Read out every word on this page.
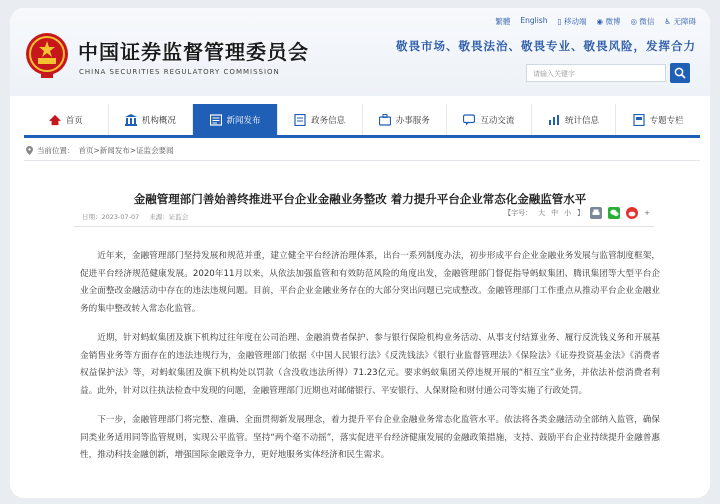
中国证券监督管理委员会
CHINA SECURITIES REGULATORY COMMISSION
繁體 English ▯ 移动端 ◉ 微博 ◎ 微信 ♿ 无障碍
敬畏市场、敬畏法治、敬畏专业、敬畏风险，发挥合力
请输入关键字
首页	机构概况	新闻发布	政务信息	办事服务	互动交流	统计信息	专题专栏
当前位置： 首页>新闻发布>证监会要闻
金融管理部门善始善终推进平台企业金融业务整改 着力提升平台企业常态化金融监管水平
日期：2023-07-07 来源：证监会	【字号： 大 中 小 】	+

近年来，金融管理部门坚持发展和规范并重，建立健全平台经济治理体系，出台一系列制度办法，初步形成平台企业金融业务发展与监管制度框架，促进平台经济规范健康发展。2020年11月以来，从依法加强监管和有效防范风险的角度出发，金融管理部门督促指导蚂蚁集团、腾讯集团等大型平台企业全面整改金融活动中存在的违法违规问题。目前，平台企业金融业务存在的大部分突出问题已完成整改。金融管理部门工作重点从推动平台企业金融业务的集中整改转入常态化监管。

近期，针对蚂蚁集团及旗下机构过往年度在公司治理、金融消费者保护、参与银行保险机构业务活动、从事支付结算业务、履行反洗钱义务和开展基金销售业务等方面存在的违法违规行为，金融管理部门依据《中国人民银行法》《反洗钱法》《银行业监督管理法》《保险法》《证券投资基金法》《消费者权益保护法》等，对蚂蚁集团及旗下机构处以罚款（含没收违法所得）71.23亿元。要求蚂蚁集团关停违规开展的“相互宝”业务，并依法补偿消费者利益。此外，针对以往执法检查中发现的问题，金融管理部门近期也对邮储银行、平安银行、人保财险和财付通公司等实施了行政处罚。

下一步，金融管理部门将完整、准确、全面贯彻新发展理念，着力提升平台企业金融业务常态化监管水平。依法将各类金融活动全部纳入监管，确保同类业务适用同等监管规则，实现公平监管。坚持“两个毫不动摇”，落实促进平台经济健康发展的金融政策措施，支持、鼓励平台企业持续提升金融普惠性，推动科技金融创新，增强国际金融竞争力，更好地服务实体经济和民生需求。
